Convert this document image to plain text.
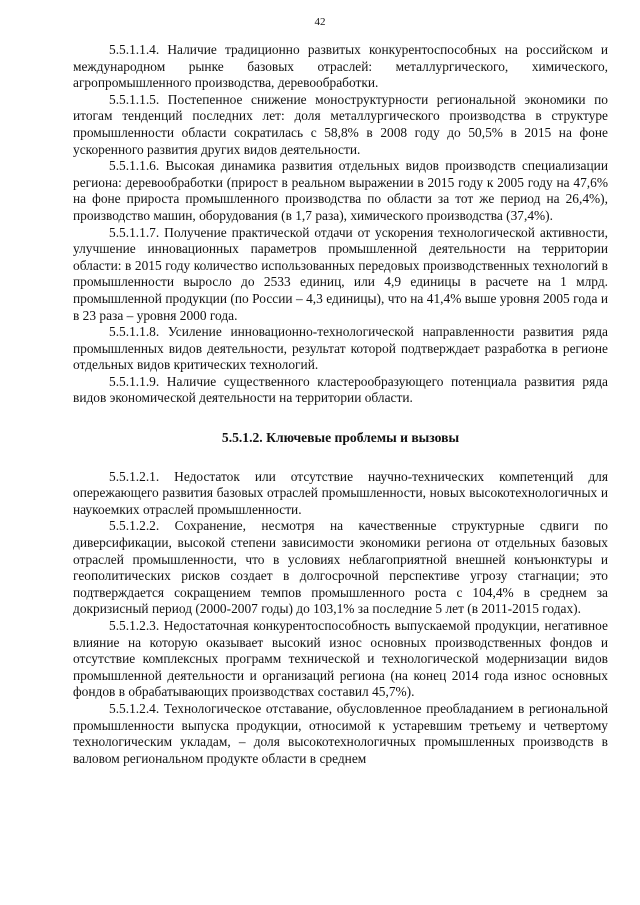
42

5.5.1.1.4. Наличие традиционно развитых конкурентоспособных на российском и международном рынке базовых отраслей: металлургического, химического, агропромышленного производства, деревообработки.

5.5.1.1.5. Постепенное снижение моноструктурности региональной экономики по итогам тенденций последних лет: доля металлургического производства в структуре промышленности области сократилась с 58,8% в 2008 году до 50,5% в 2015 на фоне ускоренного развития других видов деятельности.

5.5.1.1.6. Высокая динамика развития отдельных видов производств специализации региона: деревообработки (прирост в реальном выражении в 2015 году к 2005 году на 47,6% на фоне прироста промышленного производства по области за тот же период на 26,4%), производство машин, оборудования (в 1,7 раза), химического производства (37,4%).

5.5.1.1.7. Получение практической отдачи от ускорения технологической активности, улучшение инновационных параметров промышленной деятельности на территории области: в 2015 году количество использованных передовых производственных технологий в промышленности выросло до 2533 единиц, или 4,9 единицы в расчете на 1 млрд. промышленной продукции (по России – 4,3 единицы), что на 41,4% выше уровня 2005 года и в 23 раза – уровня 2000 года.

5.5.1.1.8. Усиление инновационно-технологической направленности развития ряда промышленных видов деятельности, результат которой подтверждает разработка в регионе отдельных видов критических технологий.

5.5.1.1.9. Наличие существенного кластерообразующего потенциала развития ряда видов экономической деятельности на территории области.

5.5.1.2. Ключевые проблемы и вызовы

5.5.1.2.1. Недостаток или отсутствие научно-технических компетенций для опережающего развития базовых отраслей промышленности, новых высокотехнологичных и наукоемких отраслей промышленности.

5.5.1.2.2. Сохранение, несмотря на качественные структурные сдвиги по диверсификации, высокой степени зависимости экономики региона от отдельных базовых отраслей промышленности, что в условиях неблагоприятной внешней конъюнктуры и геополитических рисков создает в долгосрочной перспективе угрозу стагнации; это подтверждается сокращением темпов промышленного роста с 104,4% в среднем за докризисный период (2000-2007 годы) до 103,1% за последние 5 лет (в 2011-2015 годах).

5.5.1.2.3. Недостаточная конкурентоспособность выпускаемой продукции, негативное влияние на которую оказывает высокий износ основных производственных фондов и отсутствие комплексных программ технической и технологической модернизации видов промышленной деятельности и организаций региона (на конец 2014 года износ основных фондов в обрабатывающих производствах составил 45,7%).

5.5.1.2.4. Технологическое отставание, обусловленное преобладанием в региональной промышленности выпуска продукции, относимой к устаревшим третьему и четвертому технологическим укладам, – доля высокотехнологичных промышленных производств в валовом региональном продукте области в среднем
